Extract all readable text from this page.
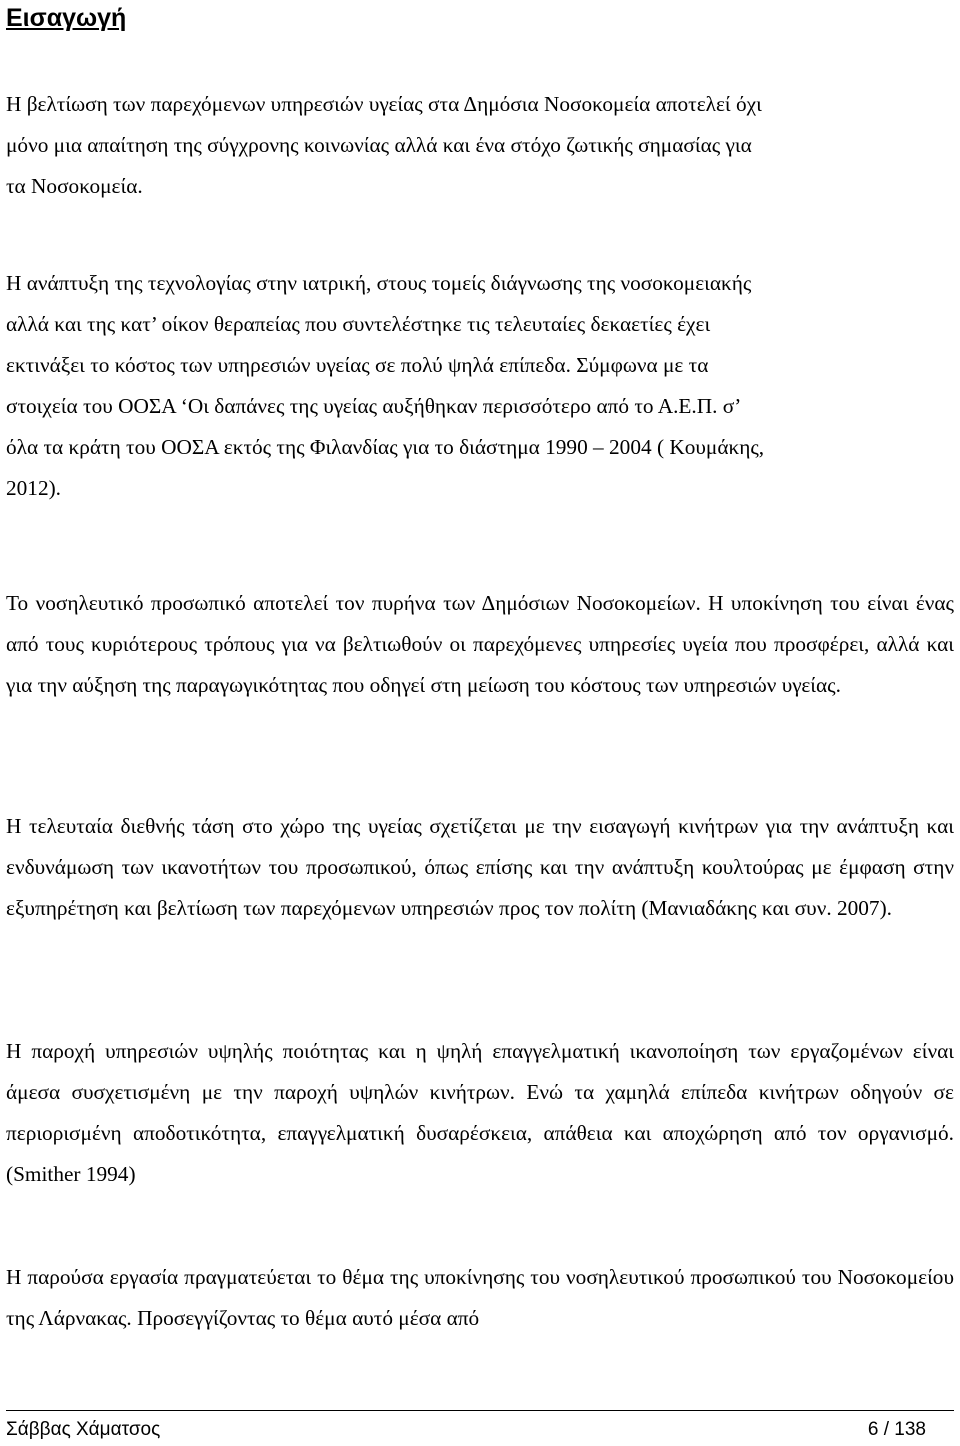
Εισαγωγή

Η βελτίωση των παρεχόμενων υπηρεσιών υγείας στα Δημόσια Νοσοκομεία αποτελεί όχι
μόνο μια απαίτηση της σύγχρονης κοινωνίας αλλά και ένα στόχο ζωτικής σημασίας για
τα Νοσοκομεία.

Η ανάπτυξη της τεχνολογίας στην ιατρική, στους τομείς διάγνωσης της νοσοκομειακής
αλλά και της κατ’ οίκον θεραπείας που συντελέστηκε τις τελευταίες δεκαετίες έχει
εκτινάξει το κόστος των υπηρεσιών υγείας σε πολύ ψηλά επίπεδα. Σύμφωνα με τα
στοιχεία του ΟΟΣΑ ‘Οι δαπάνες της υγείας αυξήθηκαν περισσότερο από το Α.Ε.Π. σ’
όλα τα κράτη του ΟΟΣΑ εκτός της Φιλανδίας για το διάστημα 1990 – 2004 ( Κουμάκης,
2012).

Το νοσηλευτικό προσωπικό αποτελεί τον πυρήνα των Δημόσιων Νοσοκομείων. Η υποκίνηση του είναι ένας από τους κυριότερους τρόπους για να βελτιωθούν οι παρεχόμενες υπηρεσίες υγεία που προσφέρει, αλλά και για την αύξηση της παραγωγικότητας που οδηγεί στη μείωση του κόστους των υπηρεσιών υγείας.

Η τελευταία διεθνής τάση στο χώρο της υγείας σχετίζεται με την εισαγωγή κινήτρων για την ανάπτυξη και ενδυνάμωση των ικανοτήτων του προσωπικού, όπως επίσης και την ανάπτυξη κουλτούρας με έμφαση στην εξυπηρέτηση και βελτίωση των παρεχόμενων υπηρεσιών προς τον πολίτη (Μανιαδάκης και συν. 2007).

Η παροχή υπηρεσιών υψηλής ποιότητας και η ψηλή επαγγελματική ικανοποίηση των εργαζομένων είναι άμεσα συσχετισμένη με την παροχή υψηλών κινήτρων. Ενώ τα χαμηλά επίπεδα κινήτρων οδηγούν σε περιορισμένη αποδοτικότητα, επαγγελματική δυσαρέσκεια, απάθεια και αποχώρηση από τον οργανισμό. (Smither 1994)

Η παρούσα εργασία πραγματεύεται το θέμα της υποκίνησης του νοσηλευτικού προσωπικού του Νοσοκομείου της Λάρνακας. Προσεγγίζοντας το θέμα αυτό μέσα από

Σάββας Χάματσος	6 / 138
